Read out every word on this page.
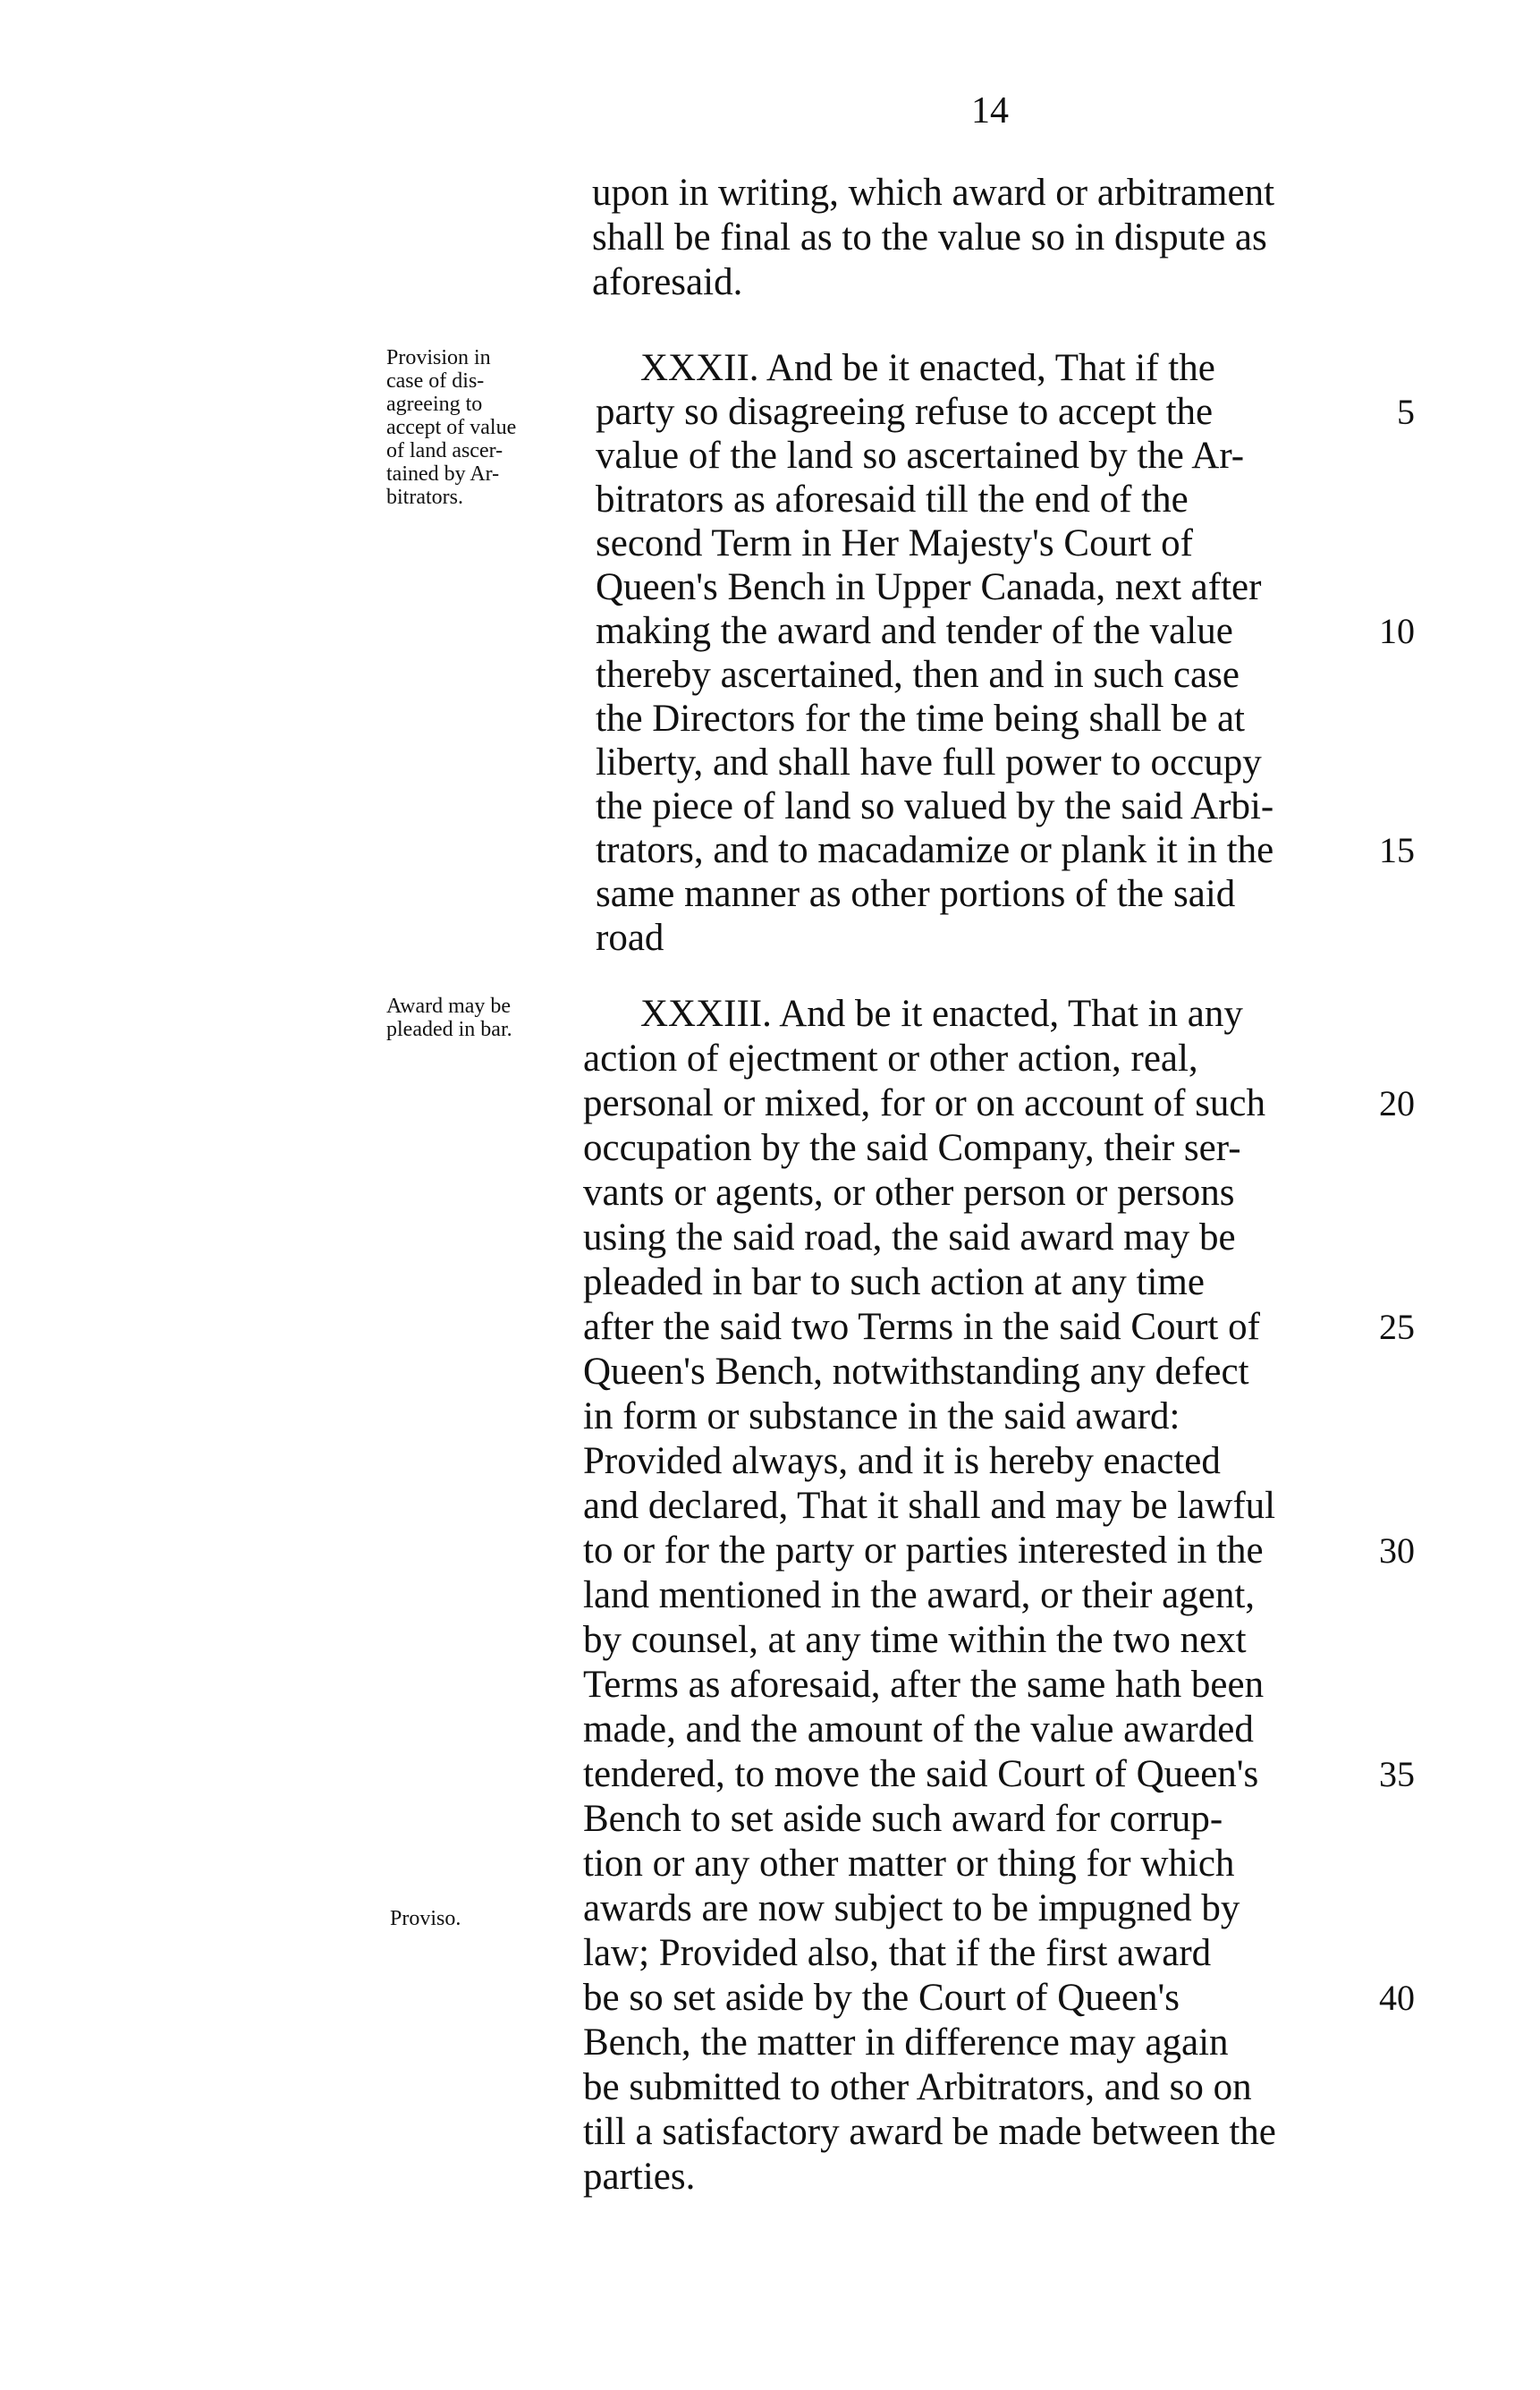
14
upon in writing, which award or arbitrament
shall be final as to the value so in dispute as
aforesaid.
XXXII. And be it enacted, That if the
party so disagreeing refuse to accept the
value of the land so ascertained by the Ar-
bitrators as aforesaid till the end of the
second Term in Her Majesty's Court of
Queen's Bench in Upper Canada, next after
making the award and tender of the value
thereby ascertained, then and in such case
the Directors for the time being shall be at
liberty, and shall have full power to occupy
the piece of land so valued by the said Arbi-
trators, and to macadamize or plank it in the
same manner as other portions of the said
road
XXXIII. And be it enacted, That in any
action of ejectment or other action, real,
personal or mixed, for or on account of such
occupation by the said Company, their ser-
vants or agents, or other person or persons
using the said road, the said award may be
pleaded in bar to such action at any time
after the said two Terms in the said Court of
Queen's Bench, notwithstanding any defect
in form or substance in the said award:
Provided always, and it is hereby enacted
and declared, That it shall and may be lawful
to or for the party or parties interested in the
land mentioned in the award, or their agent,
by counsel, at any time within the two next
Terms as aforesaid, after the same hath been
made, and the amount of the value awarded
tendered, to move the said Court of Queen's
Bench to set aside such award for corrup-
tion or any other matter or thing for which
awards are now subject to be impugned by
law; Provided also, that if the first award
be so set aside by the Court of Queen's
Bench, the matter in difference may again
be submitted to other Arbitrators, and so on
till a satisfactory award be made between the
parties.
Provision in
case of dis-
agreeing to
accept of value
of land ascer-
tained by Ar-
bitrators.
Award may be
pleaded in bar.
Proviso.
5
10
15
20
25
30
35
40
